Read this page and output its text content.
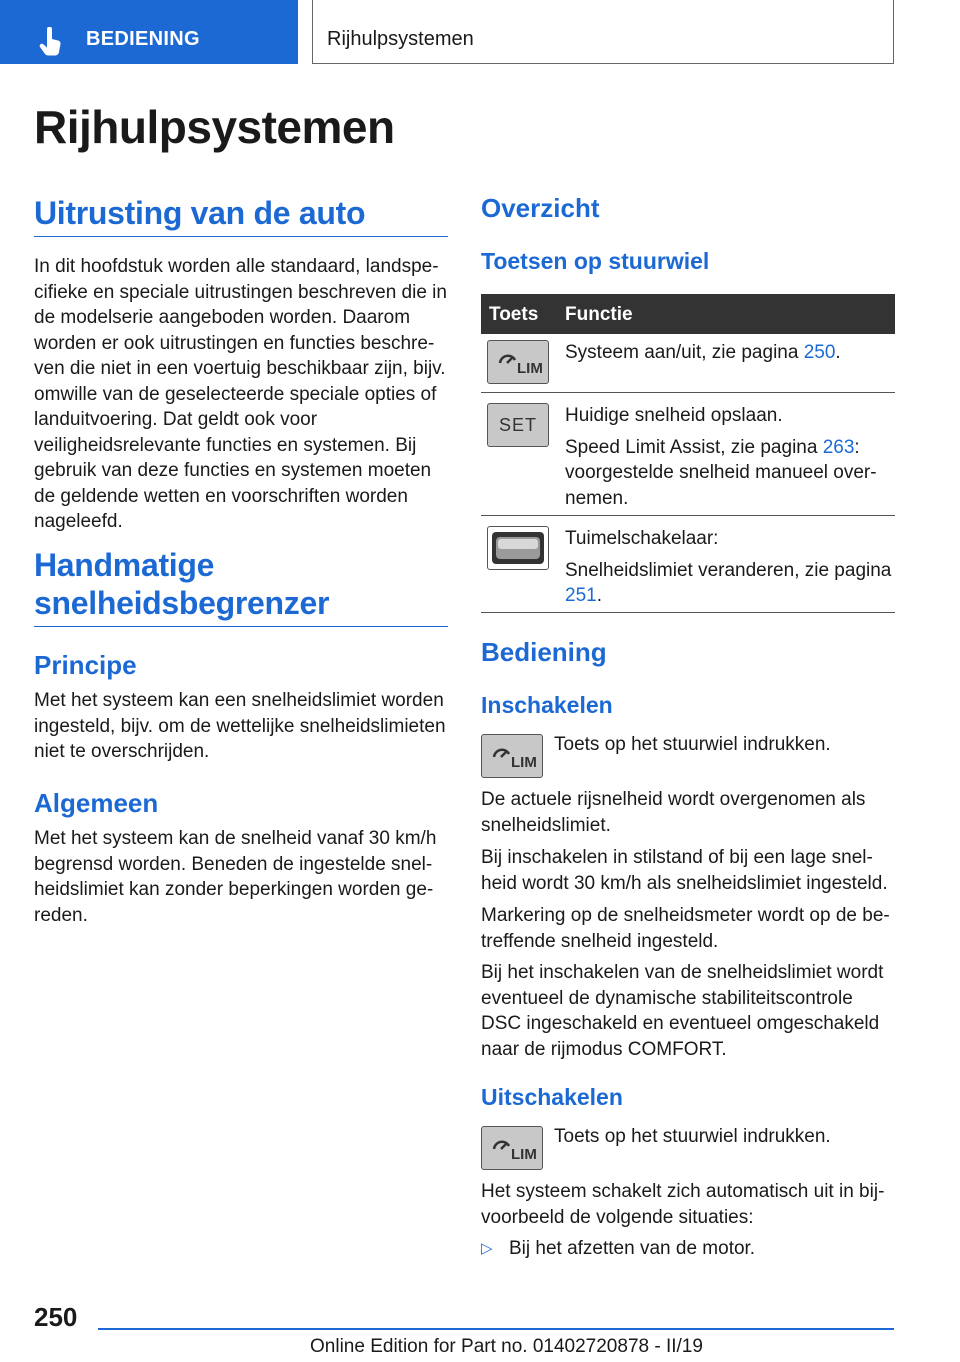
BEDIENING	Rijhulpsystemen
Rijhulpsystemen
Uitrusting van de auto
In dit hoofdstuk worden alle standaard, landspecifieke en speciale uitrustingen beschreven die in de modelserie aangeboden worden. Daarom worden er ook uitrustingen en functies beschreven die niet in een voertuig beschikbaar zijn, bijv. omwille van de geselecteerde speciale opties of landuitvoering. Dat geldt ook voor veiligheidsrelevante functies en systemen. Bij gebruik van deze functies en systemen moeten de geldende wetten en voorschriften worden nageleefd.
Handmatige snelheidsbegrenzer
Principe
Met het systeem kan een snelheidslimiet worden ingesteld, bijv. om de wettelijke snelheidslimieten niet te overschrijden.
Algemeen
Met het systeem kan de snelheid vanaf 30 km/h begrensd worden. Beneden de ingestelde snelheidslimiet kan zonder beperkingen worden gereden.
Overzicht
Toetsen op stuurwiel
Toets Functie
LIM
Systeem aan/uit, zie pagina 250.
SET Huidige snelheid opslaan.
Speed Limit Assist, zie pagina 263: voorgestelde snelheid manueel overnemen.
Tuimelschakelaar:
Snelheidslimiet veranderen, zie pagina 251.
Bediening
Inschakelen
LIM
Toets op het stuurwiel indrukken.
De actuele rijsnelheid wordt overgenomen als snelheidslimiet.
Bij inschakelen in stilstand of bij een lage snelheid wordt 30 km/h als snelheidslimiet ingesteld.
Markering op de snelheidsmeter wordt op de betreffende snelheid ingesteld.
Bij het inschakelen van de snelheidslimiet wordt eventueel de dynamische stabiliteitscontrole DSC ingeschakeld en eventueel omgeschakeld naar de rijmodus COMFORT.
Uitschakelen
LIM
Toets op het stuurwiel indrukken.
Het systeem schakelt zich automatisch uit in bijvoorbeeld de volgende situaties:
▷ Bij het afzetten van de motor.
250
Online Edition for Part no. 01402720878 - II/19
